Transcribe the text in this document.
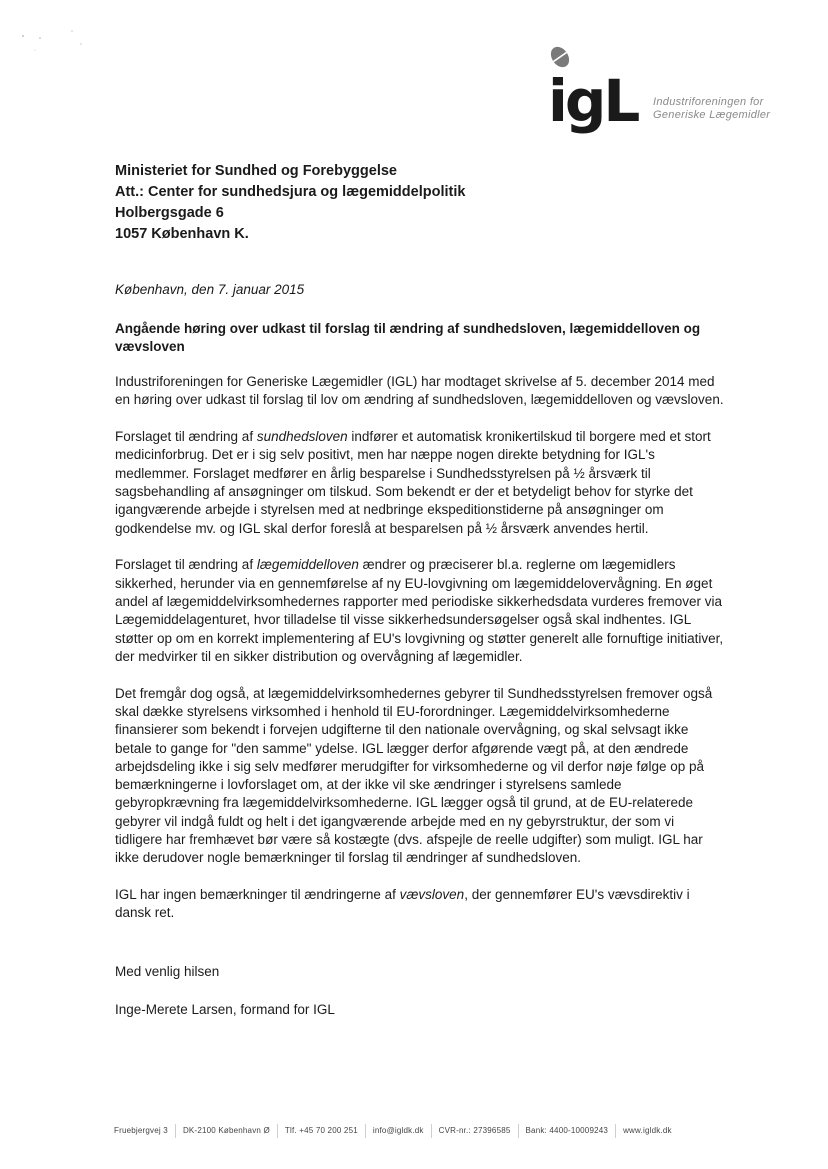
igL Industriforeningen for
Generiske Lægemidler
Ministeriet for Sundhed og Forebyggelse
Att.: Center for sundhedsjura og lægemiddelpolitik
Holbergsgade 6
1057 København K.
København, den 7. januar 2015
Angående høring over udkast til forslag til ændring af sundhedsloven, lægemiddelloven og vævsloven

Industriforeningen for Generiske Lægemidler (IGL) har modtaget skrivelse af 5. december 2014 med en høring over udkast til forslag til lov om ændring af sundhedsloven, lægemiddelloven og vævsloven.

Forslaget til ændring af sundhedsloven indfører et automatisk kronikertilskud til borgere med et stort medicinforbrug. Det er i sig selv positivt, men har næppe nogen direkte betydning for IGL's medlemmer. Forslaget medfører en årlig besparelse i Sundhedsstyrelsen på ½ årsværk til sagsbehandling af ansøgninger om tilskud. Som bekendt er der et betydeligt behov for styrke det igangværende arbejde i styrelsen med at nedbringe ekspeditionstiderne på ansøgninger om godkendelse mv. og IGL skal derfor foreslå at besparelsen på ½ årsværk anvendes hertil.

Forslaget til ændring af lægemiddelloven ændrer og præciserer bl.a. reglerne om lægemidlers sikkerhed, herunder via en gennemførelse af ny EU-lovgivning om lægemiddelovervågning. En øget andel af lægemiddelvirksomhedernes rapporter med periodiske sikkerhedsdata vurderes fremover via Lægemiddelagenturet, hvor tilladelse til visse sikkerhedsundersøgelser også skal indhentes. IGL støtter op om en korrekt implementering af EU's lovgivning og støtter generelt alle fornuftige initiativer, der medvirker til en sikker distribution og overvågning af lægemidler.

Det fremgår dog også, at lægemiddelvirksomhedernes gebyrer til Sundhedsstyrelsen fremover også skal dække styrelsens virksomhed i henhold til EU-forordninger. Lægemiddelvirksomhederne finansierer som bekendt i forvejen udgifterne til den nationale overvågning, og skal selvsagt ikke betale to gange for "den samme" ydelse. IGL lægger derfor afgørende vægt på, at den ændrede arbejdsdeling ikke i sig selv medfører merudgifter for virksomhederne og vil derfor nøje følge op på bemærkningerne i lovforslaget om, at der ikke vil ske ændringer i styrelsens samlede gebyropkrævning fra lægemiddelvirksomhederne. IGL lægger også til grund, at de EU-relaterede gebyrer vil indgå fuldt og helt i det igangværende arbejde med en ny gebyrstruktur, der som vi tidligere har fremhævet bør være så kostægte (dvs. afspejle de reelle udgifter) som muligt. IGL har ikke derudover nogle bemærkninger til forslag til ændringer af sundhedsloven.

IGL har ingen bemærkninger til ændringerne af vævsloven, der gennemfører EU's vævsdirektiv i dansk ret.

Med venlig hilsen
Inge-Merete Larsen, formand for IGL
Fruebjergvej 3	DK-2100 København Ø	Tlf. +45 70 200 251	info@igldk.dk	CVR-nr.: 27396585	Bank: 4400-10009243	www.igldk.dk
